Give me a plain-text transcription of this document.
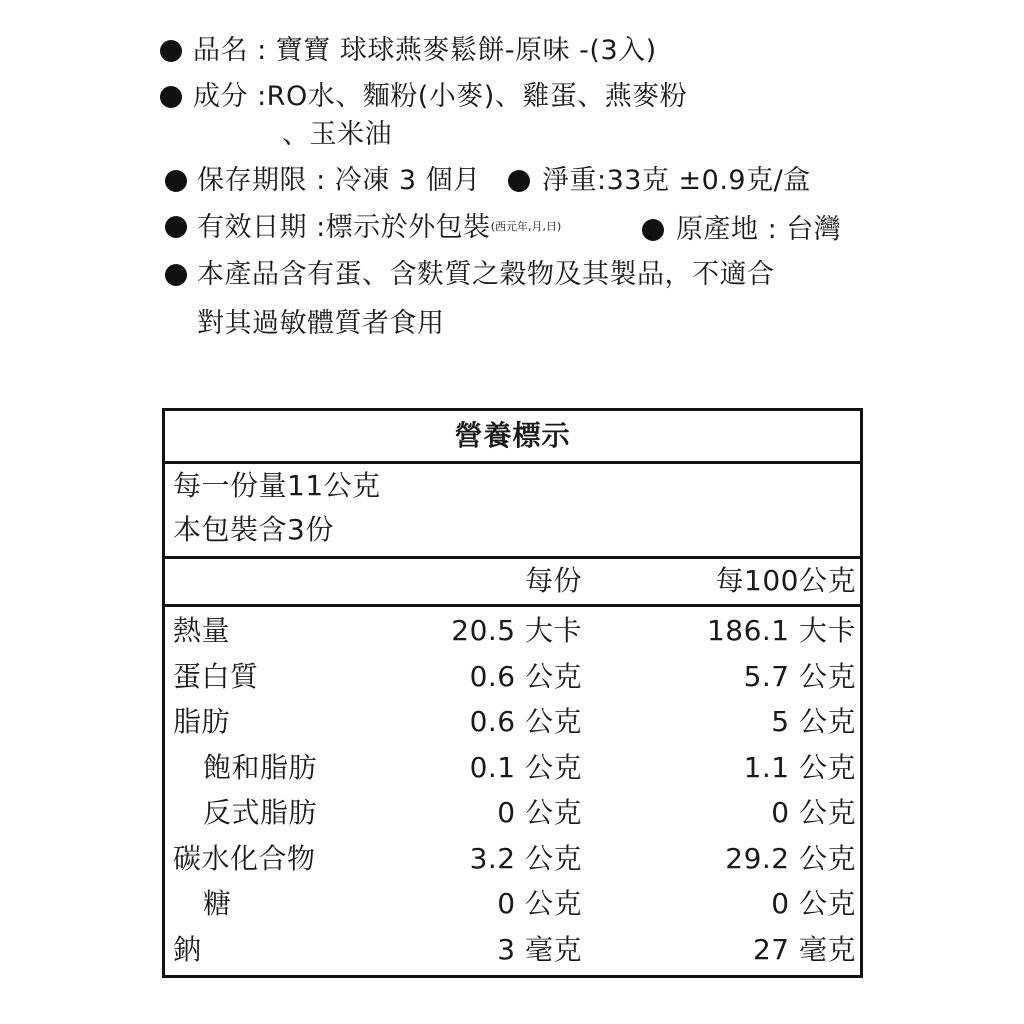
品名 : 寶寶 球球燕麥鬆餅-原味 -(3入)
成分 :RO水、麵粉(小麥)、雞蛋、燕麥粉
、玉米油
保存期限 : 冷凍 3 個月 淨重:33克 ±0.9克/盒
有效日期 :標示於外包裝$^{(西元年,月,日)}$	原產地 : 台灣
本產品含有蛋、含麩質之穀物及其製品，不適合
對其過敏體質者食用
營養標示
每一份量11公克
本包裝含3份
每份	每100公克
熱量	20.5 大卡	186.1 大卡
蛋白質	0.6 公克	5.7 公克
脂肪	0.6 公克	5 公克
飽和脂肪	0.1 公克	1.1 公克
反式脂肪	0 公克	0 公克
碳水化合物	3.2 公克	29.2 公克
糖	0 公克	0 公克
鈉	3 毫克	27 毫克
